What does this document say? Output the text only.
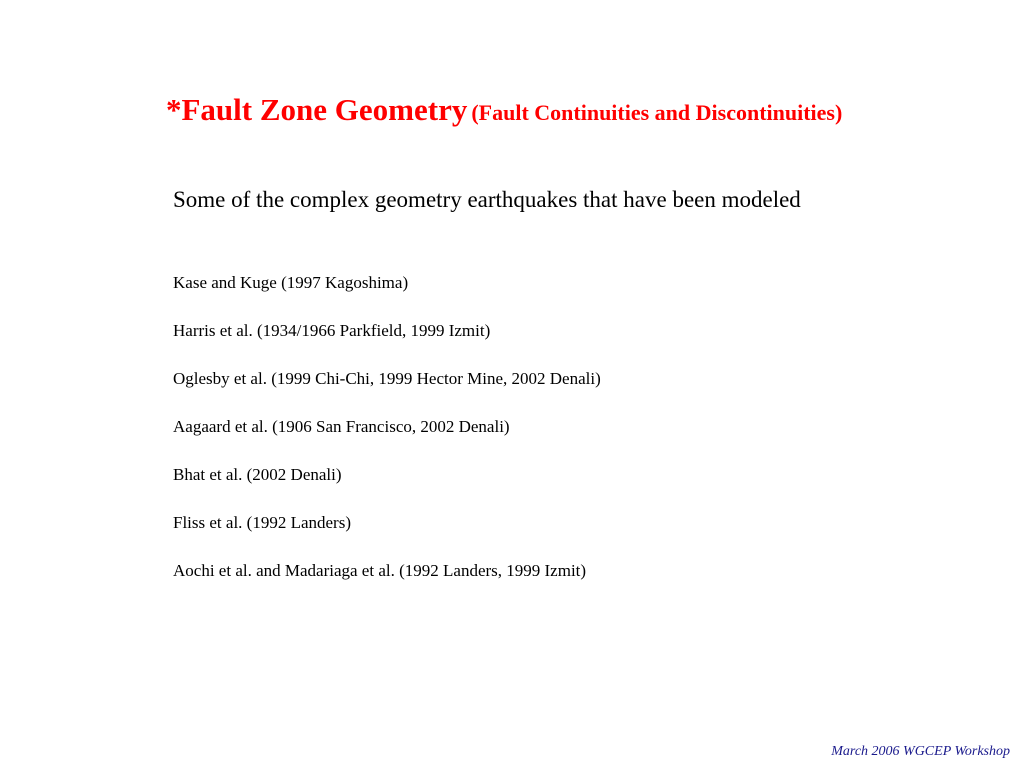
*Fault Zone Geometry (Fault Continuities and Discontinuities)
Some of the complex geometry earthquakes that have been modeled
Kase and Kuge (1997 Kagoshima)
Harris et al. (1934/1966 Parkfield, 1999 Izmit)
Oglesby et al. (1999 Chi-Chi, 1999 Hector Mine, 2002 Denali)
Aagaard et al. (1906 San Francisco, 2002 Denali)
Bhat et al. (2002 Denali)
Fliss et al. (1992 Landers)
Aochi et al. and Madariaga et al. (1992 Landers, 1999 Izmit)
March 2006 WGCEP Workshop
